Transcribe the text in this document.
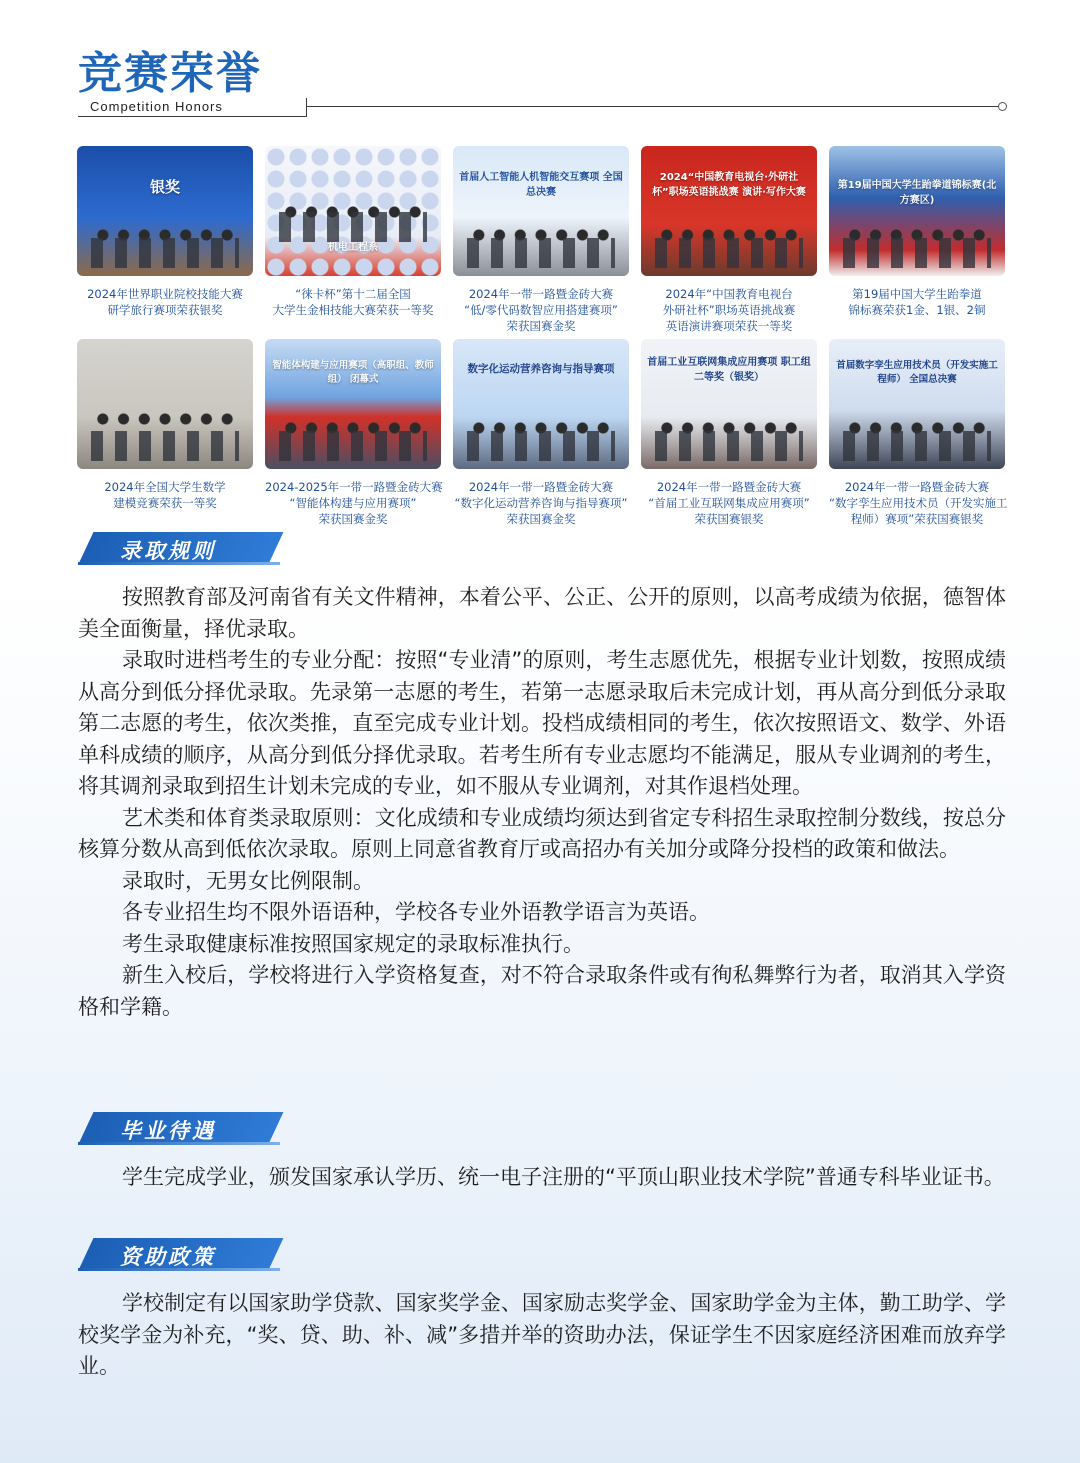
竞赛荣誉
Competition Honors
银奖
2024年世界职业院校技能大赛
研学旅行赛项荣获银奖
机电工程系
“徕卡杯”第十二届全国
大学生金相技能大赛荣获一等奖
首届人工智能人机智能交互赛项 全国总决赛
2024年一带一路暨金砖大赛
“低/零代码数智应用搭建赛项”
荣获国赛金奖
2024“中国教育电视台·外研社杯”职场英语挑战赛 演讲·写作大赛
2024年“中国教育电视台
外研社杯”职场英语挑战赛
英语演讲赛项荣获一等奖
第19届中国大学生跆拳道锦标赛(北方赛区)
第19届中国大学生跆拳道
锦标赛荣获1金、1银、2铜
2024年全国大学生数学
建模竞赛荣获一等奖
智能体构建与应用赛项（高职组、教师组） 闭幕式
2024-2025年一带一路暨金砖大赛
“智能体构建与应用赛项”
荣获国赛金奖
数字化运动营养咨询与指导赛项
2024年一带一路暨金砖大赛
“数字化运动营养咨询与指导赛项”
荣获国赛金奖
首届工业互联网集成应用赛项 职工组 二等奖（银奖）
2024年一带一路暨金砖大赛
“首届工业互联网集成应用赛项”
荣获国赛银奖
首届数字孪生应用技术员（开发实施工程师） 全国总决赛
2024年一带一路暨金砖大赛
“数字孪生应用技术员（开发实施工
程师）赛项”荣获国赛银奖
录取规则

按照教育部及河南省有关文件精神，本着公平、公正、公开的原则，以高考成绩为依据，德智体美全面衡量，择优录取。

录取时进档考生的专业分配：按照“专业清”的原则，考生志愿优先，根据专业计划数，按照成绩从高分到低分择优录取。先录第一志愿的考生，若第一志愿录取后未完成计划，再从高分到低分录取第二志愿的考生，依次类推，直至完成专业计划。投档成绩相同的考生，依次按照语文、数学、外语单科成绩的顺序，从高分到低分择优录取。若考生所有专业志愿均不能满足，服从专业调剂的考生，将其调剂录取到招生计划未完成的专业，如不服从专业调剂，对其作退档处理。

艺术类和体育类录取原则：文化成绩和专业成绩均须达到省定专科招生录取控制分数线，按总分核算分数从高到低依次录取。原则上同意省教育厅或高招办有关加分或降分投档的政策和做法。

录取时，无男女比例限制。

各专业招生均不限外语语种，学校各专业外语教学语言为英语。

考生录取健康标准按照国家规定的录取标准执行。

新生入校后，学校将进行入学资格复查，对不符合录取条件或有徇私舞弊行为者，取消其入学资格和学籍。

毕业待遇

学生完成学业，颁发国家承认学历、统一电子注册的“平顶山职业技术学院”普通专科毕业证书。

资助政策

学校制定有以国家助学贷款、国家奖学金、国家励志奖学金、国家助学金为主体，勤工助学、学校奖学金为补充，“奖、贷、助、补、减”多措并举的资助办法，保证学生不因家庭经济困难而放弃学业。
